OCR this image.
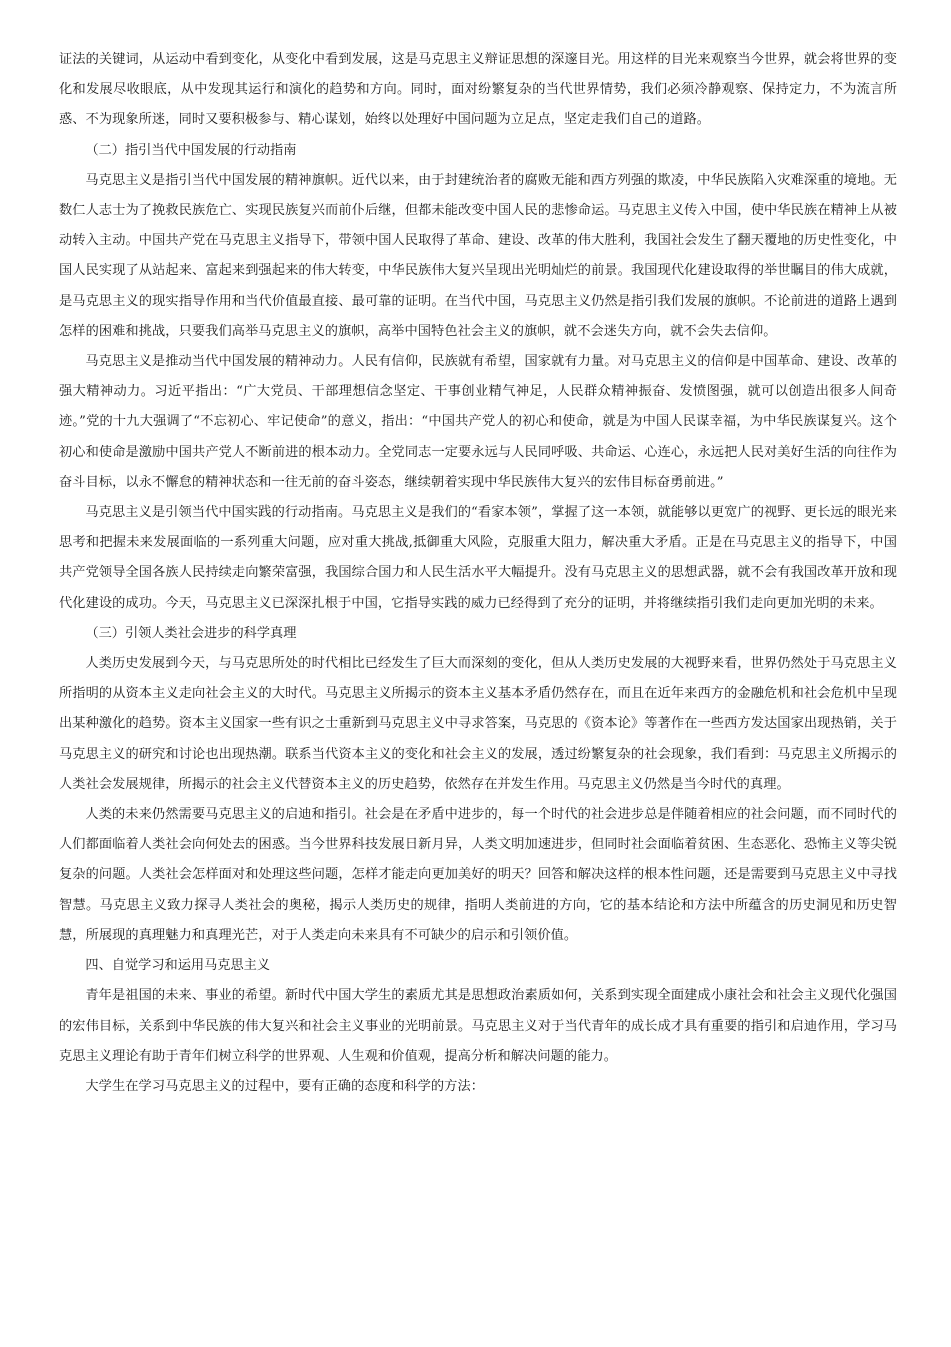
证法的关键词，从运动中看到变化，从变化中看到发展，这是马克思主义辩证思想的深邃目光。用这样的目光来观察当今世界，就会将世界的变化和发展尽收眼底，从中发现其运行和演化的趋势和方向。同时，面对纷繁复杂的当代世界情势，我们必须冷静观察、保持定力，不为流言所惑、不为现象所迷，同时又要积极参与、精心谋划，始终以处理好中国问题为立足点，坚定走我们自己的道路。

（二）指引当代中国发展的行动指南

马克思主义是指引当代中国发展的精神旗帜。近代以来，由于封建统治者的腐败无能和西方列强的欺凌，中华民族陷入灾难深重的境地。无数仁人志士为了挽救民族危亡、实现民族复兴而前仆后继，但都未能改变中国人民的悲惨命运。马克思主义传入中国，使中华民族在精神上从被动转入主动。中国共产党在马克思主义指导下，带领中国人民取得了革命、建设、改革的伟大胜利，我国社会发生了翻天覆地的历史性变化，中国人民实现了从站起来、富起来到强起来的伟大转变，中华民族伟大复兴呈现出光明灿烂的前景。我国现代化建设取得的举世瞩目的伟大成就，是马克思主义的现实指导作用和当代价值最直接、最可靠的证明。在当代中国，马克思主义仍然是指引我们发展的旗帜。不论前进的道路上遇到怎样的困难和挑战，只要我们高举马克思主义的旗帜，高举中国特色社会主义的旗帜，就不会迷失方向，就不会失去信仰。

马克思主义是推动当代中国发展的精神动力。人民有信仰，民族就有希望，国家就有力量。对马克思主义的信仰是中国革命、建设、改革的强大精神动力。习近平指出：“广大党员、干部理想信念坚定、干事创业精气神足，人民群众精神振奋、发愤图强，就可以创造出很多人间奇迹。”党的十九大强调了“不忘初心、牢记使命”的意义，指出：“中国共产党人的初心和使命，就是为中国人民谋幸福，为中华民族谋复兴。这个初心和使命是激励中国共产党人不断前进的根本动力。全党同志一定要永远与人民同呼吸、共命运、心连心，永远把人民对美好生活的向往作为奋斗目标，以永不懈怠的精神状态和一往无前的奋斗姿态，继续朝着实现中华民族伟大复兴的宏伟目标奋勇前进。”

马克思主义是引领当代中国实践的行动指南。马克思主义是我们的“看家本领”，掌握了这一本领，就能够以更宽广的视野、更长远的眼光来思考和把握未来发展面临的一系列重大问题，应对重大挑战,抵御重大风险，克服重大阻力，解决重大矛盾。正是在马克思主义的指导下，中国共产党领导全国各族人民持续走向繁荣富强，我国综合国力和人民生活水平大幅提升。没有马克思主义的思想武器，就不会有我国改革开放和现代化建设的成功。今天，马克思主义已深深扎根于中国，它指导实践的威力已经得到了充分的证明，并将继续指引我们走向更加光明的未来。

（三）引领人类社会进步的科学真理

人类历史发展到今天，与马克思所处的时代相比已经发生了巨大而深刻的变化，但从人类历史发展的大视野来看，世界仍然处于马克思主义所指明的从资本主义走向社会主义的大时代。马克思主义所揭示的资本主义基本矛盾仍然存在，而且在近年来西方的金融危机和社会危机中呈现出某种激化的趋势。资本主义国家一些有识之士重新到马克思主义中寻求答案，马克思的《资本论》等著作在一些西方发达国家出现热销，关于马克思主义的研究和讨论也出现热潮。联系当代资本主义的变化和社会主义的发展，透过纷繁复杂的社会现象，我们看到：马克思主义所揭示的人类社会发展规律，所揭示的社会主义代替资本主义的历史趋势，依然存在并发生作用。马克思主义仍然是当今时代的真理。

人类的未来仍然需要马克思主义的启迪和指引。社会是在矛盾中进步的，每一个时代的社会进步总是伴随着相应的社会问题，而不同时代的人们都面临着人类社会向何处去的困惑。当今世界科技发展日新月异，人类文明加速进步，但同时社会面临着贫困、生态恶化、恐怖主义等尖锐复杂的问题。人类社会怎样面对和处理这些问题，怎样才能走向更加美好的明天？回答和解决这样的根本性问题，还是需要到马克思主义中寻找智慧。马克思主义致力探寻人类社会的奥秘，揭示人类历史的规律，指明人类前进的方向，它的基本结论和方法中所蕴含的历史洞见和历史智慧，所展现的真理魅力和真理光芒，对于人类走向未来具有不可缺少的启示和引领价值。

四、自觉学习和运用马克思主义

青年是祖国的未来、事业的希望。新时代中国大学生的素质尤其是思想政治素质如何，关系到实现全面建成小康社会和社会主义现代化强国的宏伟目标，关系到中华民族的伟大复兴和社会主义事业的光明前景。马克思主义对于当代青年的成长成才具有重要的指引和启迪作用，学习马克思主义理论有助于青年们树立科学的世界观、人生观和价值观，提高分析和解决问题的能力。

大学生在学习马克思主义的过程中，要有正确的态度和科学的方法：
